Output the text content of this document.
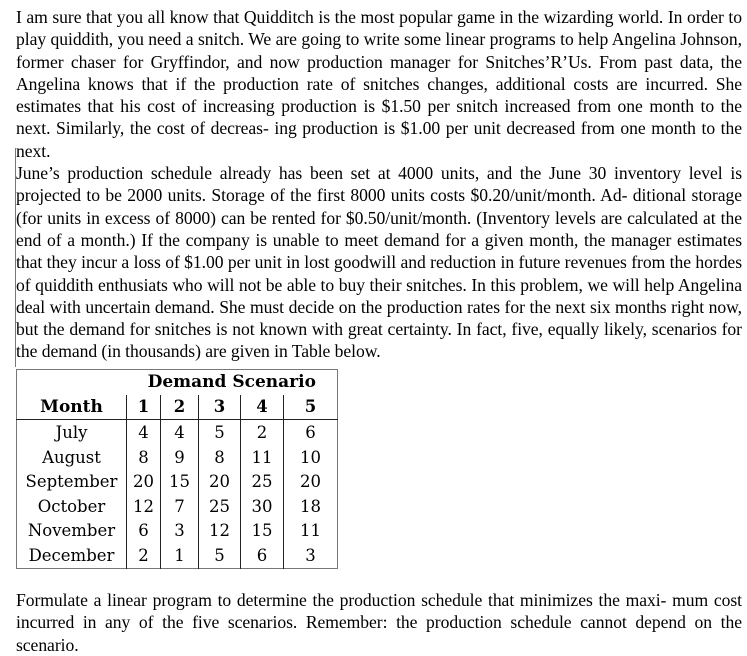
I am sure that you all know that Quidditch is the most popular game in the wizarding world. In order to play quiddith, you need a snitch. We are going to write some linear programs to help Angelina Johnson, former chaser for Gryffindor, and now production manager for Snitches’R’Us. From past data, the Angelina knows that if the production rate of snitches changes, additional costs are incurred. She estimates that his cost of increasing production is $1.50 per snitch increased from one month to the next. Similarly, the cost of decreas- ing production is $1.00 per unit decreased from one month to the next.

June’s production schedule already has been set at 4000 units, and the June 30 inventory level is projected to be 2000 units. Storage of the first 8000 units costs $0.20/unit/month. Ad- ditional storage (for units in excess of 8000) can be rented for $0.50/unit/month. (Inventory levels are calculated at the end of a month.) If the company is unable to meet demand for a given month, the manager estimates that they incur a loss of $1.00 per unit in lost goodwill and reduction in future revenues from the hordes of quiddith enthusiats who will not be able to buy their snitches. In this problem, we will help Angelina deal with uncertain demand. She must decide on the production rates for the next six months right now, but the demand for snitches is not known with great certainty. In fact, five, equally likely, scenarios for the demand (in thousands) are given in Table below.

	Demand Scenario				
Month	1	2	3	4	5
July	4	4	5	2	6
August	8	9	8	11	10
September	20	15	20	25	20
October	12	7	25	30	18
November	6	3	12	15	11
December	2	1	5	6	3

Formulate a linear program to determine the production schedule that minimizes the maxi- mum cost incurred in any of the five scenarios. Remember: the production schedule cannot depend on the scenario.
